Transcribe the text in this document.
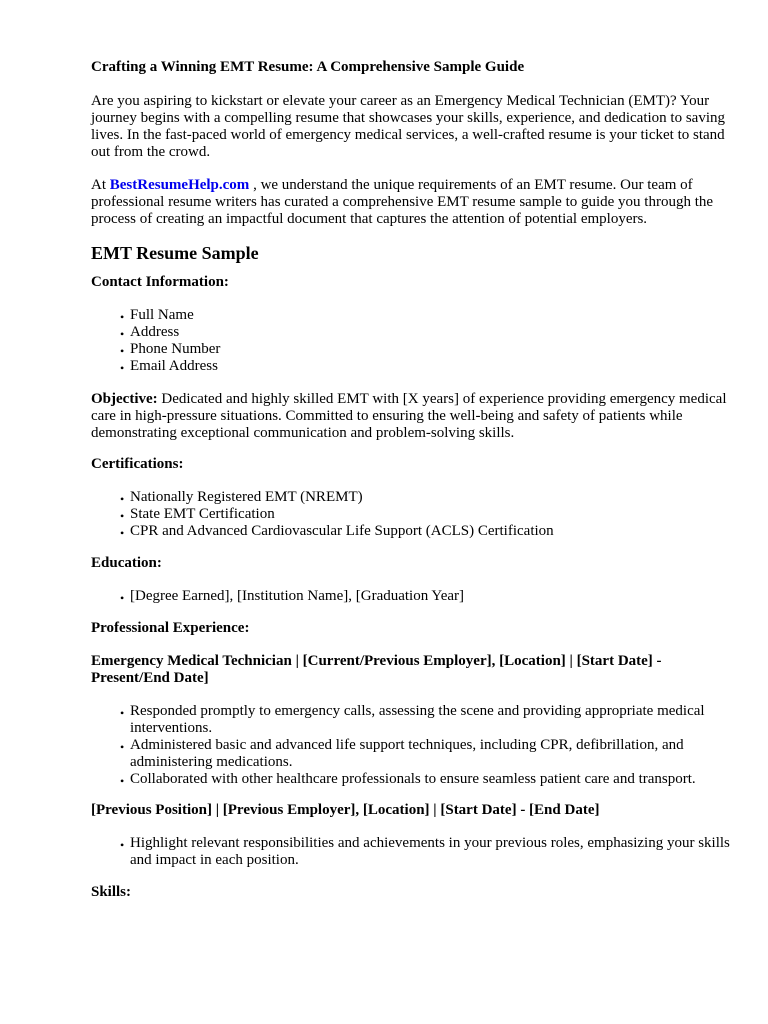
Crafting a Winning EMT Resume: A Comprehensive Sample Guide

Are you aspiring to kickstart or elevate your career as an Emergency Medical Technician (EMT)? Your journey begins with a compelling resume that showcases your skills, experience, and dedication to saving lives. In the fast-paced world of emergency medical services, a well-crafted resume is your ticket to stand out from the crowd.

At BestResumeHelp.com , we understand the unique requirements of an EMT resume. Our team of professional resume writers has curated a comprehensive EMT resume sample to guide you through the process of creating an impactful document that captures the attention of potential employers.

EMT Resume Sample

Contact Information:

• Full Name
• Address
• Phone Number
• Email Address

Objective: Dedicated and highly skilled EMT with [X years] of experience providing emergency medical care in high-pressure situations. Committed to ensuring the well-being and safety of patients while demonstrating exceptional communication and problem-solving skills.

Certifications:

• Nationally Registered EMT (NREMT)
• State EMT Certification
• CPR and Advanced Cardiovascular Life Support (ACLS) Certification

Education:

• [Degree Earned], [Institution Name], [Graduation Year]

Professional Experience:

Emergency Medical Technician | [Current/Previous Employer], [Location] | [Start Date] - Present/End Date]

• Responded promptly to emergency calls, assessing the scene and providing appropriate medical interventions.
• Administered basic and advanced life support techniques, including CPR, defibrillation, and administering medications.
• Collaborated with other healthcare professionals to ensure seamless patient care and transport.

[Previous Position] | [Previous Employer], [Location] | [Start Date] - [End Date]

• Highlight relevant responsibilities and achievements in your previous roles, emphasizing your skills and impact in each position.

Skills:
